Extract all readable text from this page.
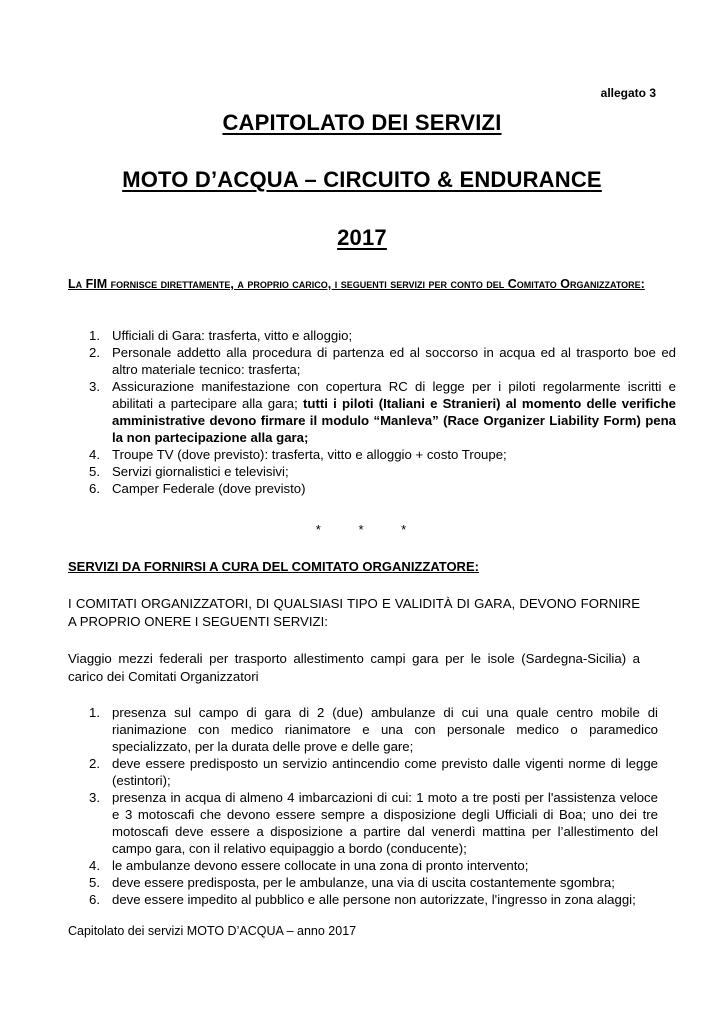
allegato 3
CAPITOLATO DEI SERVIZI
MOTO D’ACQUA – CIRCUITO & ENDURANCE
2017
La FIM fornisce direttamente, a proprio carico, i seguenti servizi per conto del Comitato Organizzatore:
1. Ufficiali di Gara: trasferta, vitto e alloggio;
2. Personale addetto alla procedura di partenza ed al soccorso in acqua ed al trasporto boe ed altro materiale tecnico: trasferta;
3. Assicurazione manifestazione con copertura RC di legge per i piloti regolarmente iscritti e abilitati a partecipare alla gara; tutti i piloti (Italiani e Stranieri) al momento delle verifiche amministrative devono firmare il modulo “Manleva” (Race Organizer Liability Form) pena la non partecipazione alla gara;
4. Troupe TV (dove previsto): trasferta, vitto e alloggio + costo Troupe;
5. Servizi giornalistici e televisivi;
6. Camper Federale (dove previsto)
* * *
SERVIZI DA FORNIRSI A CURA DEL COMITATO ORGANIZZATORE:
I COMITATI ORGANIZZATORI, DI QUALSIASI TIPO E VALIDITÀ DI GARA, DEVONO FORNIRE A PROPRIO ONERE I SEGUENTI SERVIZI:
Viaggio mezzi federali per trasporto allestimento campi gara per le isole (Sardegna-Sicilia) a carico dei Comitati Organizzatori
1. presenza sul campo di gara di 2 (due) ambulanze di cui una quale centro mobile di rianimazione con medico rianimatore e una con personale medico o paramedico specializzato, per la durata delle prove e delle gare;
2. deve essere predisposto un servizio antincendio come previsto dalle vigenti norme di legge (estintori);
3. presenza in acqua di almeno 4 imbarcazioni di cui: 1 moto a tre posti per l'assistenza veloce e 3 motoscafi che devono essere sempre a disposizione degli Ufficiali di Boa; uno dei tre motoscafi deve essere a disposizione a partire dal venerdì mattina per l’allestimento del campo gara, con il relativo equipaggio a bordo (conducente);
4. le ambulanze devono essere collocate in una zona di pronto intervento;
5. deve essere predisposta, per le ambulanze, una via di uscita costantemente sgombra;
6. deve essere impedito al pubblico e alle persone non autorizzate, l'ingresso in zona alaggi;
Capitolato dei servizi MOTO D’ACQUA – anno 2017
